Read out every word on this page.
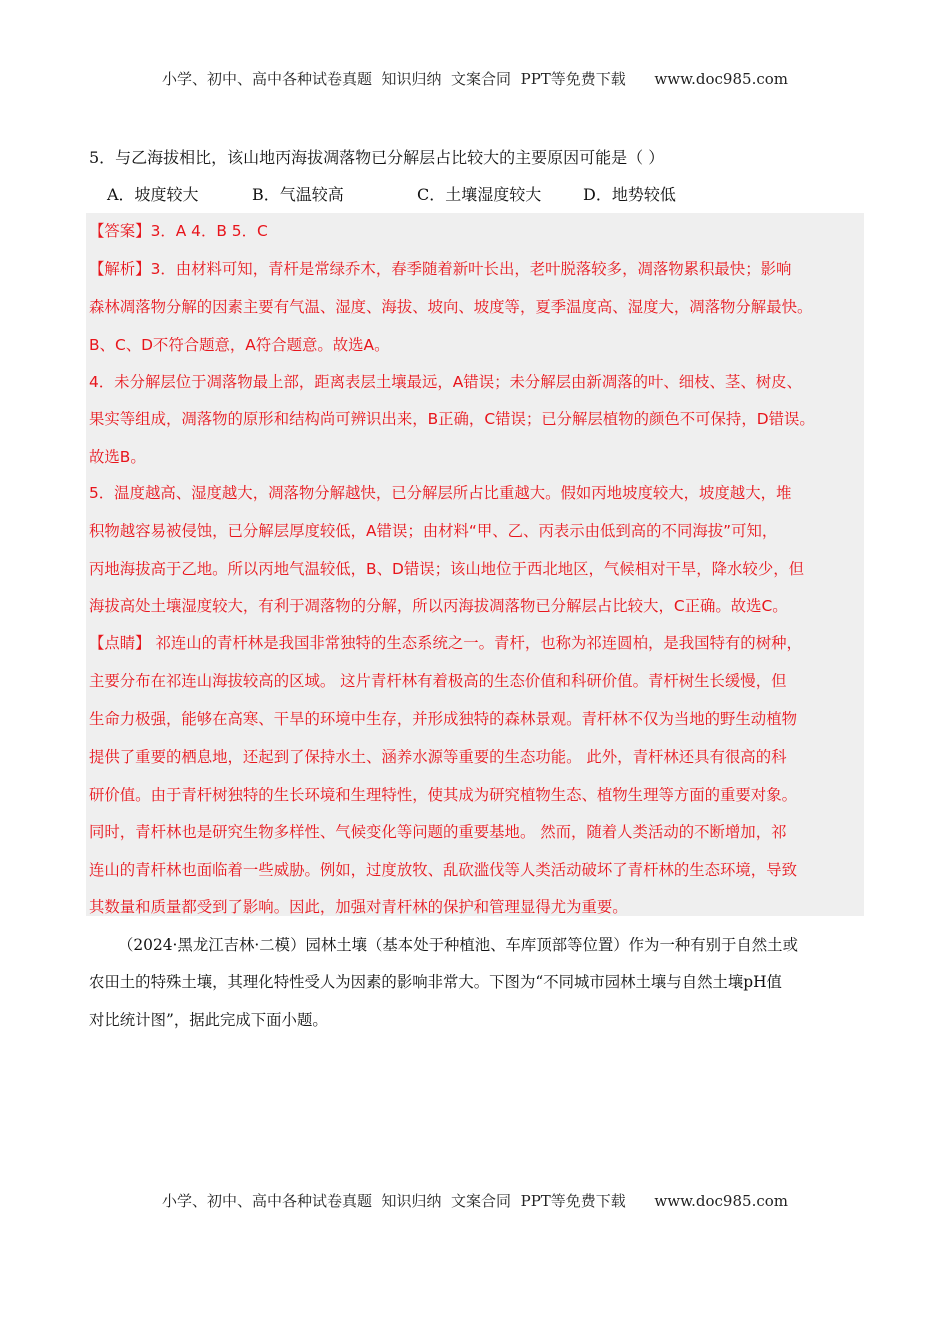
小学、初中、高中各种试卷真题  知识归纳  文案合同  PPT等免费下载      www.doc985.com
5．与乙海拔相比，该山地丙海拔凋落物已分解层占比较大的主要原因可能是（ ）
A．坡度较大	B．气温较高	C．土壤湿度较大	D．地势较低
【答案】3．A 4．B 5．C
【解析】3．由材料可知，青杆是常绿乔木，春季随着新叶长出，老叶脱落较多，凋落物累积最快；影响
森林凋落物分解的因素主要有气温、湿度、海拔、坡向、坡度等，夏季温度高、湿度大，凋落物分解最快。
B、C、D不符合题意，A符合题意。故选A。
4．未分解层位于凋落物最上部，距离表层土壤最远，A错误；未分解层由新凋落的叶、细枝、茎、树皮、
果实等组成，凋落物的原形和结构尚可辨识出来，B正确，C错误；已分解层植物的颜色不可保持，D错误。
故选B。
5．温度越高、湿度越大，凋落物分解越快，已分解层所占比重越大。假如丙地坡度较大，坡度越大，堆
积物越容易被侵蚀，已分解层厚度较低，A错误；由材料“甲、乙、丙表示由低到高的不同海拔”可知，
丙地海拔高于乙地。所以丙地气温较低，B、D错误；该山地位于西北地区，气候相对干旱，降水较少，但
海拔高处土壤湿度较大，有利于凋落物的分解，所以丙海拔凋落物已分解层占比较大，C正确。故选C。
【点睛】 祁连山的青杆林是我国非常独特的生态系统之一。青杆，也称为祁连圆柏，是我国特有的树种，
主要分布在祁连山海拔较高的区域。 这片青杆林有着极高的生态价值和科研价值。青杆树生长缓慢，但
生命力极强，能够在高寒、干旱的环境中生存，并形成独特的森林景观。青杆林不仅为当地的野生动植物
提供了重要的栖息地，还起到了保持水土、涵养水源等重要的生态功能。 此外，青杆林还具有很高的科
研价值。由于青杆树独特的生长环境和生理特性，使其成为研究植物生态、植物生理等方面的重要对象。
同时，青杆林也是研究生物多样性、气候变化等问题的重要基地。 然而，随着人类活动的不断增加，祁
连山的青杆林也面临着一些威胁。例如，过度放牧、乱砍滥伐等人类活动破坏了青杆林的生态环境，导致
其数量和质量都受到了影响。因此，加强对青杆林的保护和管理显得尤为重要。
（2024·黑龙江吉林·二模）园林土壤（基本处于种植池、车库顶部等位置）作为一种有别于自然土或
农田土的特殊土壤，其理化特性受人为因素的影响非常大。下图为“不同城市园林土壤与自然土壤pH值
对比统计图”，据此完成下面小题。
小学、初中、高中各种试卷真题  知识归纳  文案合同  PPT等免费下载      www.doc985.com
